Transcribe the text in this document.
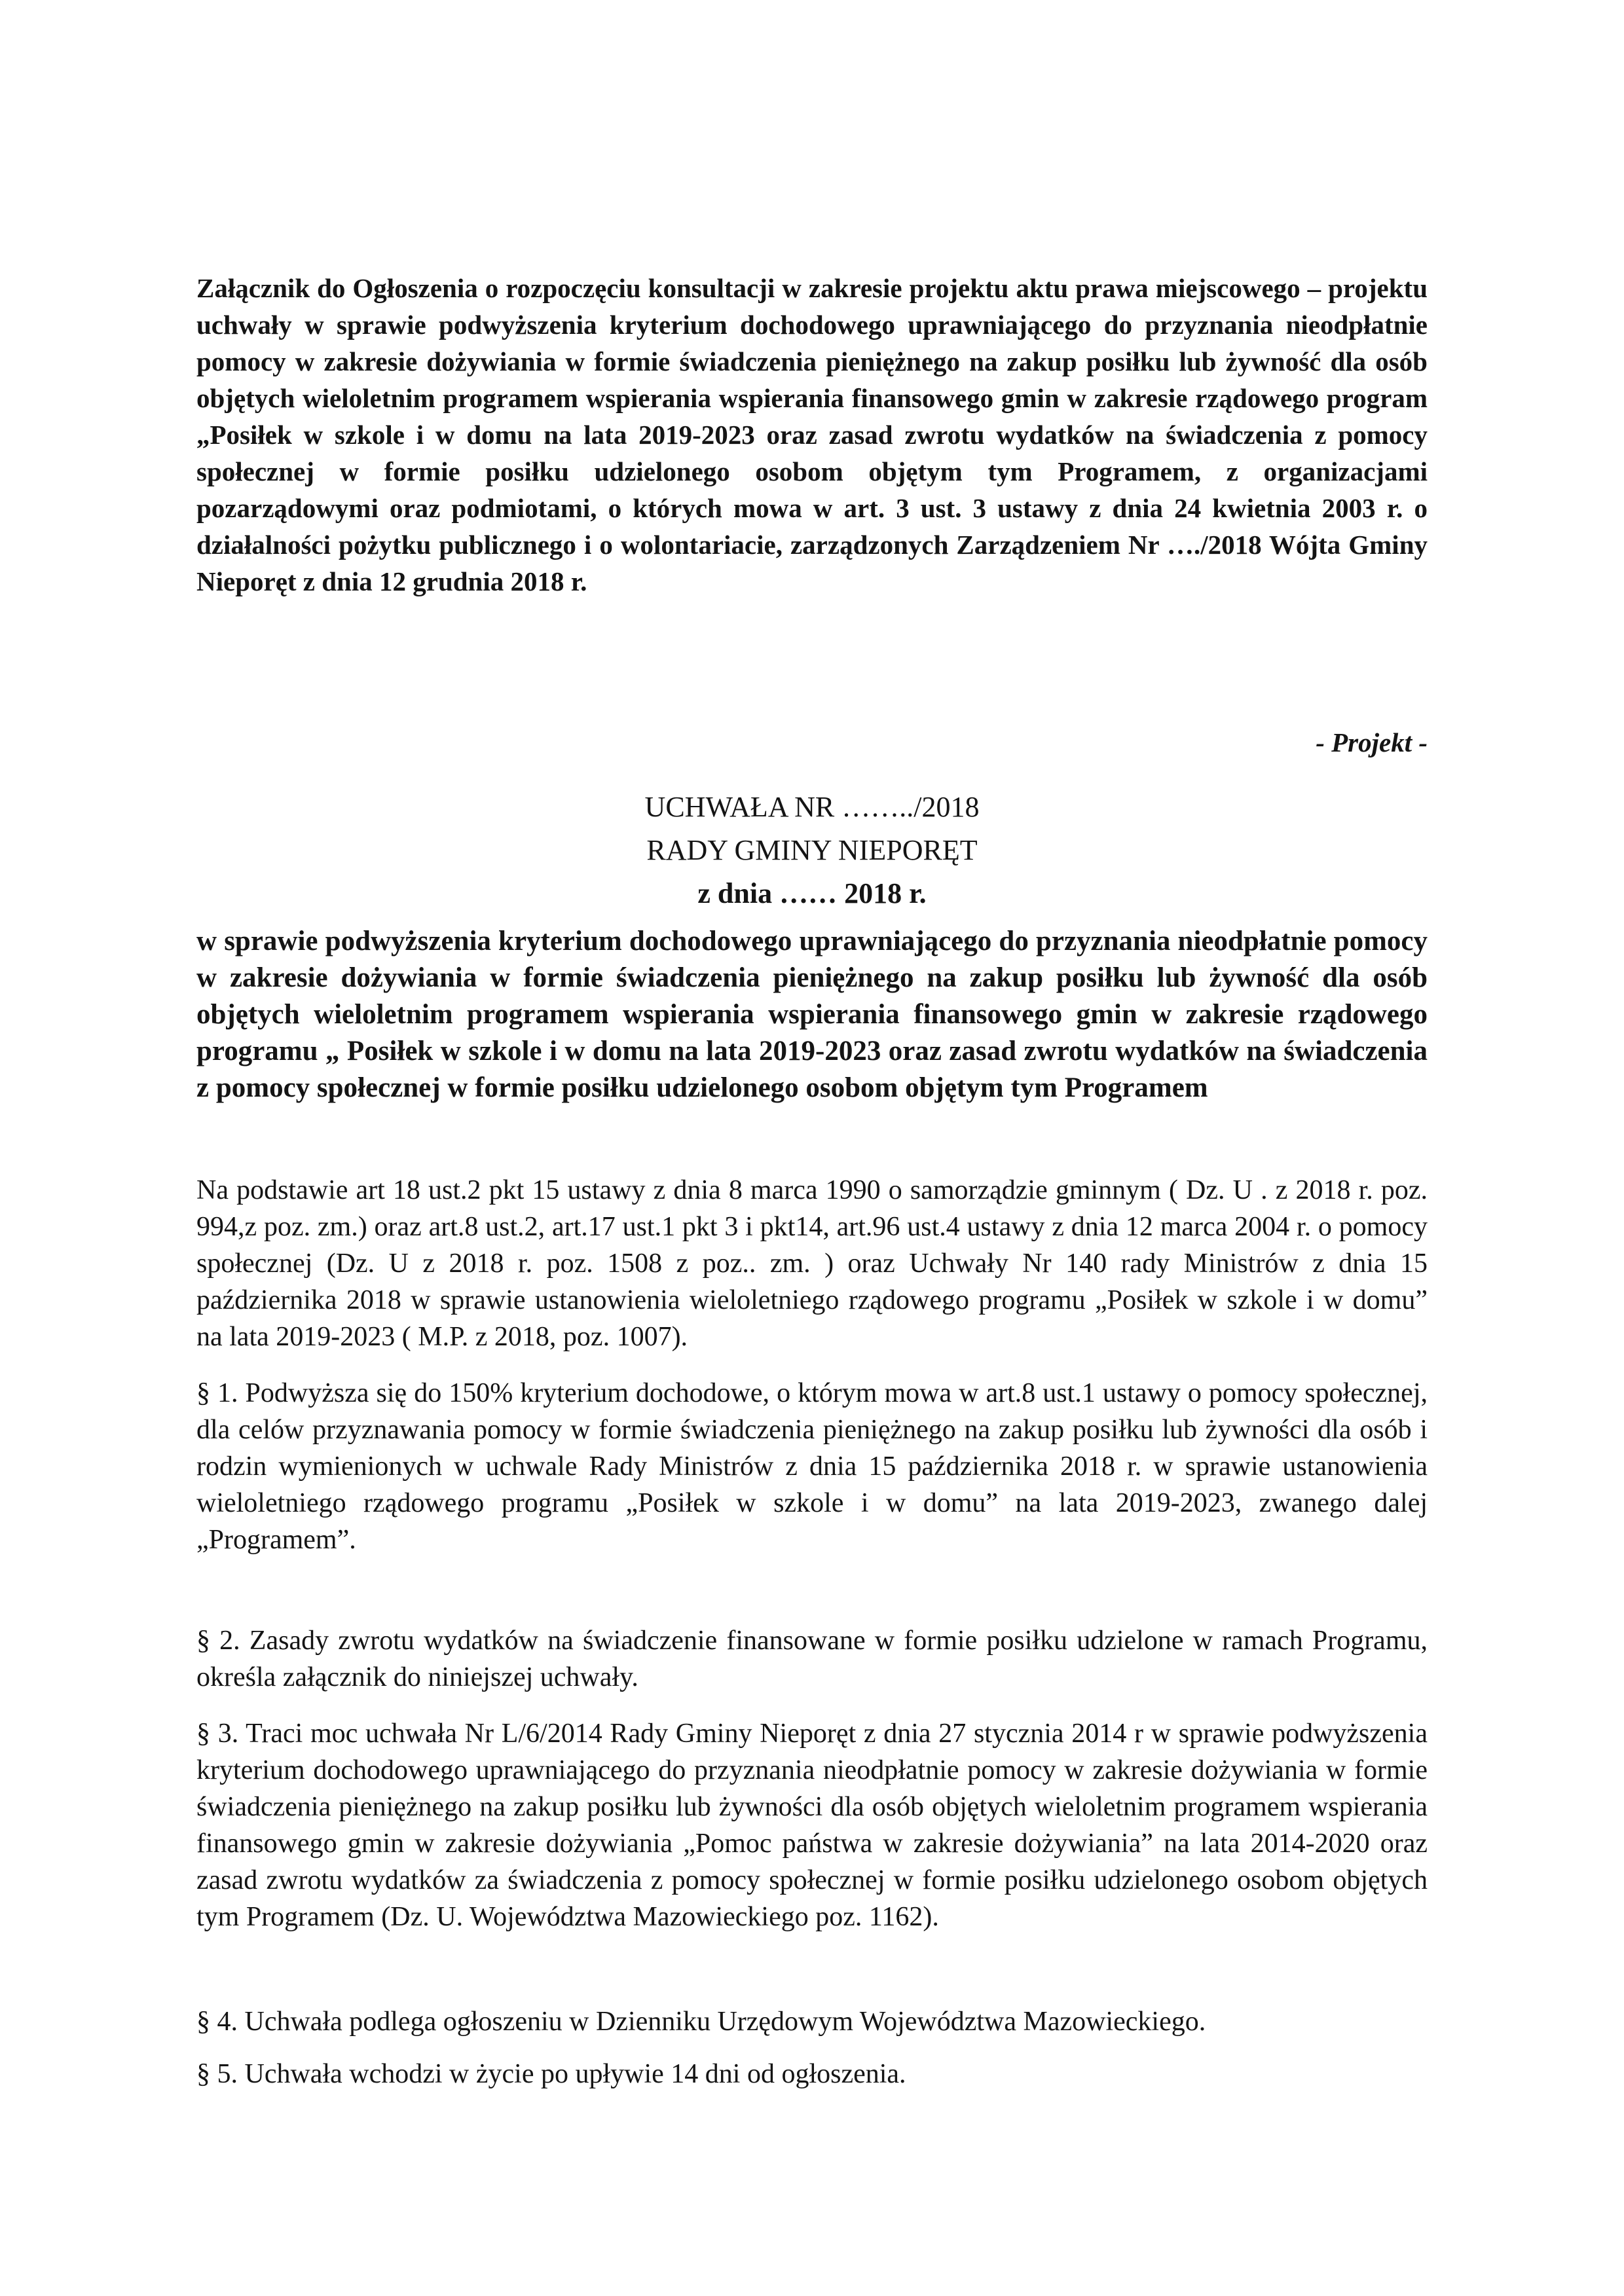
Załącznik do Ogłoszenia o rozpoczęciu konsultacji w zakresie projektu aktu prawa miejscowego – projektu uchwały w sprawie podwyższenia kryterium dochodowego uprawniającego do przyznania nieodpłatnie pomocy w zakresie dożywiania w formie świadczenia pieniężnego na zakup posiłku lub żywność dla osób objętych wieloletnim programem wspierania wspierania finansowego gmin w zakresie rządowego program „Posiłek w szkole i w domu na lata 2019-2023 oraz zasad zwrotu wydatków na świadczenia z pomocy społecznej w formie posiłku udzielonego osobom objętym tym Programem, z organizacjami pozarządowymi oraz podmiotami, o których mowa w art. 3 ust. 3 ustawy z dnia 24 kwietnia 2003 r. o działalności pożytku publicznego i o wolontariacie, zarządzonych Zarządzeniem Nr …./2018 Wójta Gminy Nieporęt z dnia 12 grudnia 2018 r.

- Projekt -

UCHWAŁA NR ……../2018

RADY GMINY NIEPORĘT

z dnia …… 2018 r.

w sprawie podwyższenia kryterium dochodowego uprawniającego do przyznania nieodpłatnie pomocy w zakresie dożywiania w formie świadczenia pieniężnego na zakup posiłku lub żywność dla osób objętych wieloletnim programem wspierania wspierania finansowego gmin w zakresie rządowego programu „ Posiłek w szkole i w domu na lata 2019-2023 oraz zasad zwrotu wydatków na świadczenia z pomocy społecznej w formie posiłku udzielonego osobom objętym tym Programem

Na podstawie art 18 ust.2 pkt 15 ustawy z dnia 8 marca 1990 o samorządzie gminnym ( Dz. U . z 2018 r. poz. 994,z poz. zm.) oraz art.8 ust.2, art.17 ust.1 pkt 3 i pkt14, art.96 ust.4 ustawy z dnia 12 marca 2004 r. o pomocy społecznej (Dz. U z 2018 r. poz. 1508 z poz.. zm. ) oraz Uchwały Nr 140 rady Ministrów z dnia 15 października 2018 w sprawie ustanowienia wieloletniego rządowego programu „Posiłek w szkole i w domu” na lata 2019-2023 ( M.P. z 2018, poz. 1007).

§ 1. Podwyższa się do 150% kryterium dochodowe, o którym mowa w art.8 ust.1 ustawy o pomocy społecznej, dla celów przyznawania pomocy w formie świadczenia pieniężnego na zakup posiłku lub żywności dla osób i rodzin wymienionych w uchwale Rady Ministrów z dnia 15 października 2018 r. w sprawie ustanowienia wieloletniego rządowego programu „Posiłek w szkole i w domu” na lata 2019-2023, zwanego dalej „Programem”.

§ 2. Zasady zwrotu wydatków na świadczenie finansowane w formie posiłku udzielone w ramach Programu, określa załącznik do niniejszej uchwały.

§ 3. Traci moc uchwała Nr L/6/2014 Rady Gminy Nieporęt z dnia 27 stycznia 2014 r w sprawie podwyższenia kryterium dochodowego uprawniającego do przyznania nieodpłatnie pomocy w zakresie dożywiania w formie świadczenia pieniężnego na zakup posiłku lub żywności dla osób objętych wieloletnim programem wspierania finansowego gmin w zakresie dożywiania „Pomoc państwa w zakresie dożywiania” na lata 2014-2020 oraz zasad zwrotu wydatków za świadczenia z pomocy społecznej w formie posiłku udzielonego osobom objętych tym Programem (Dz. U. Województwa Mazowieckiego poz. 1162).

§ 4. Uchwała podlega ogłoszeniu w Dzienniku Urzędowym Województwa Mazowieckiego.

§ 5. Uchwała wchodzi w życie po upływie 14 dni od ogłoszenia.
